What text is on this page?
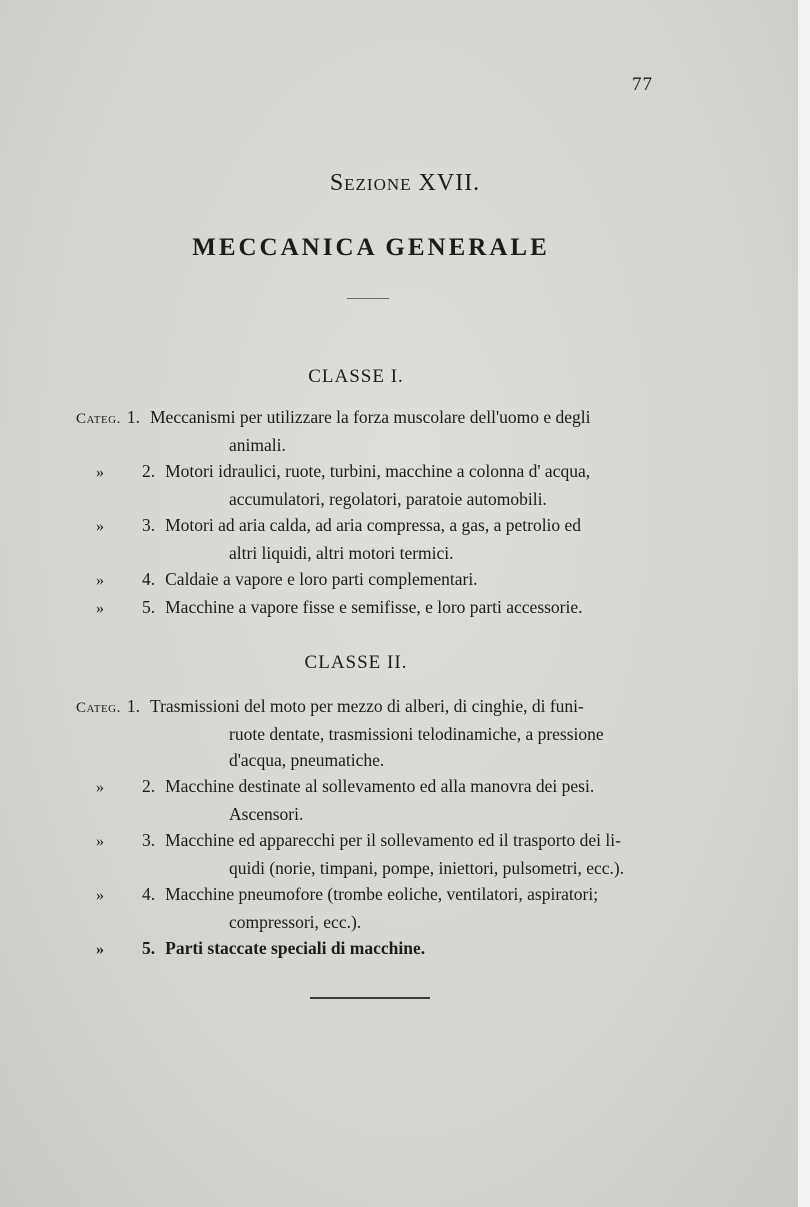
77
Sezione XVII.
MECCANICA GENERALE
CLASSE I.
Categ. 1. Meccanismi per utilizzare la forza muscolare dell'uomo e degli
animali.
» 2. Motori idraulici, ruote, turbini, macchine a colonna d' acqua,
accumulatori, regolatori, paratoie automobili.
» 3. Motori ad aria calda, ad aria compressa, a gas, a petrolio ed
altri liquidi, altri motori termici.
» 4. Caldaie a vapore e loro parti complementari.
» 5. Macchine a vapore fisse e semifisse, e loro parti accessorie.
CLASSE II.
Categ. 1. Trasmissioni del moto per mezzo di alberi, di cinghie, di funi-
ruote dentate, trasmissioni telodinamiche, a pressione
d'acqua, pneumatiche.
» 2. Macchine destinate al sollevamento ed alla manovra dei pesi.
Ascensori.
» 3. Macchine ed apparecchi per il sollevamento ed il trasporto dei li-
quidi (norie, timpani, pompe, iniettori, pulsometri, ecc.).
» 4. Macchine pneumofore (trombe eoliche, ventilatori, aspiratori;
compressori, ecc.).
» 5. Parti staccate speciali di macchine.
